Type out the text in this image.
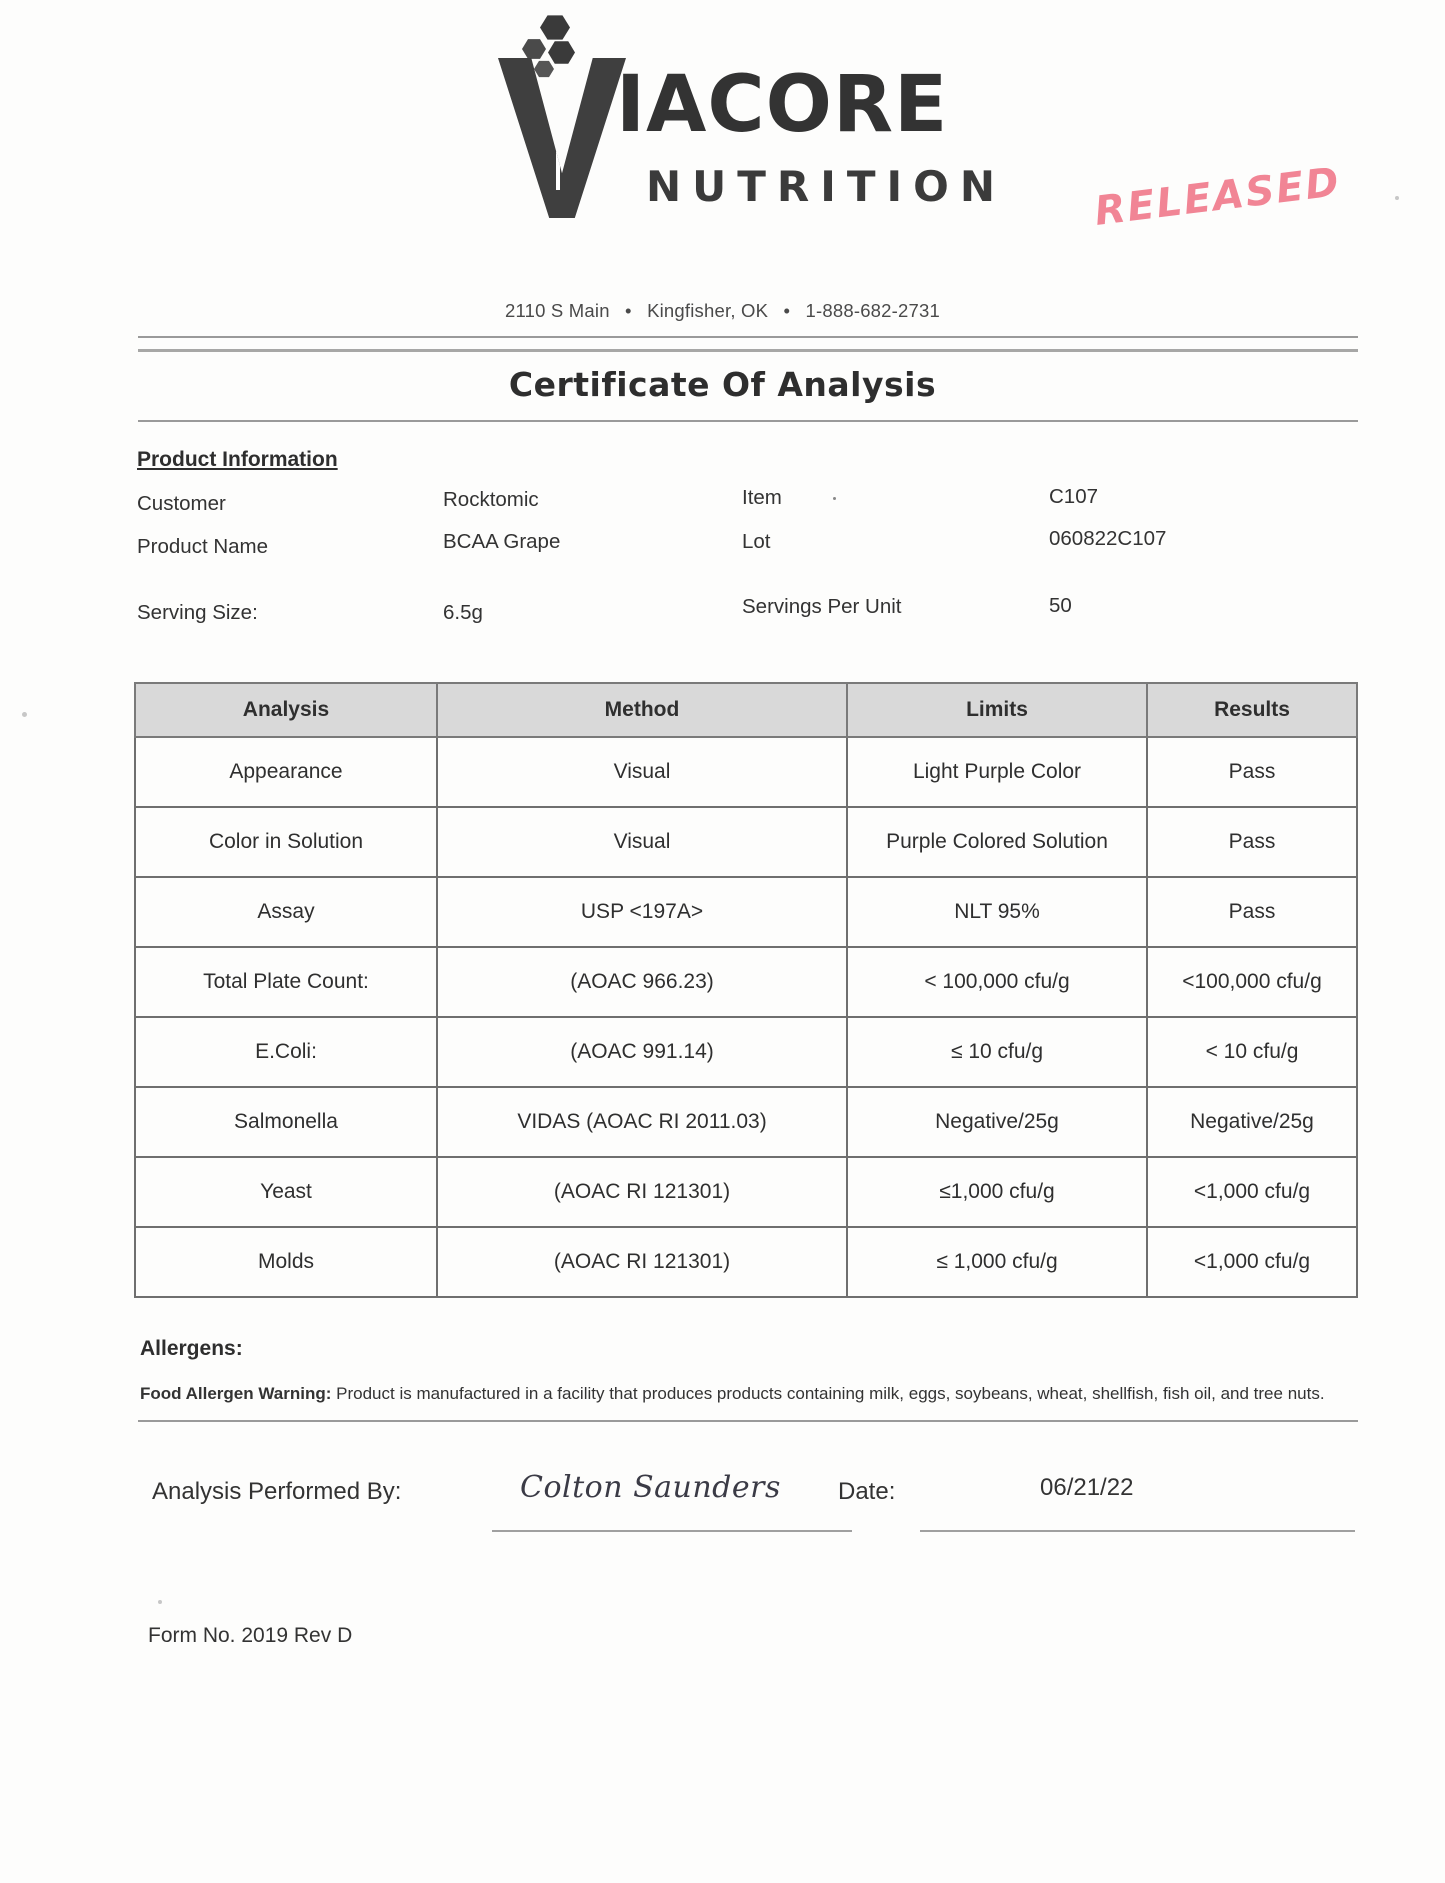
IACORE
NUTRITION RELEASED
2110 S Main • Kingfisher, OK • 1-888-682-2731
Certificate Of Analysis
Product Information
Customer	Rocktomic	Item	C107
Product Name	BCAA Grape	Lot	060822C107
Serving Size:	6.5g	Servings Per Unit	50
Analysis	Method	Limits	Results
Appearance	Visual	Light Purple Color	Pass
Color in Solution	Visual	Purple Colored Solution	Pass
Assay	USP <197A>	NLT 95%	Pass
Total Plate Count:	(AOAC 966.23)	< 100,000 cfu/g	<100,000 cfu/g
E.Coli:	(AOAC 991.14)	≤ 10 cfu/g	< 10 cfu/g
Salmonella	VIDAS (AOAC RI 2011.03)	Negative/25g	Negative/25g
Yeast	(AOAC RI 121301)	≤1,000 cfu/g	<1,000 cfu/g
Molds	(AOAC RI 121301)	≤ 1,000 cfu/g	<1,000 cfu/g
Allergens:
Food Allergen Warning: Product is manufactured in a facility that produces products containing milk, eggs, soybeans, wheat, shellfish, fish oil, and tree nuts.
Analysis Performed By:	Colton Saunders Date:	06/21/22
Form No. 2019 Rev D
